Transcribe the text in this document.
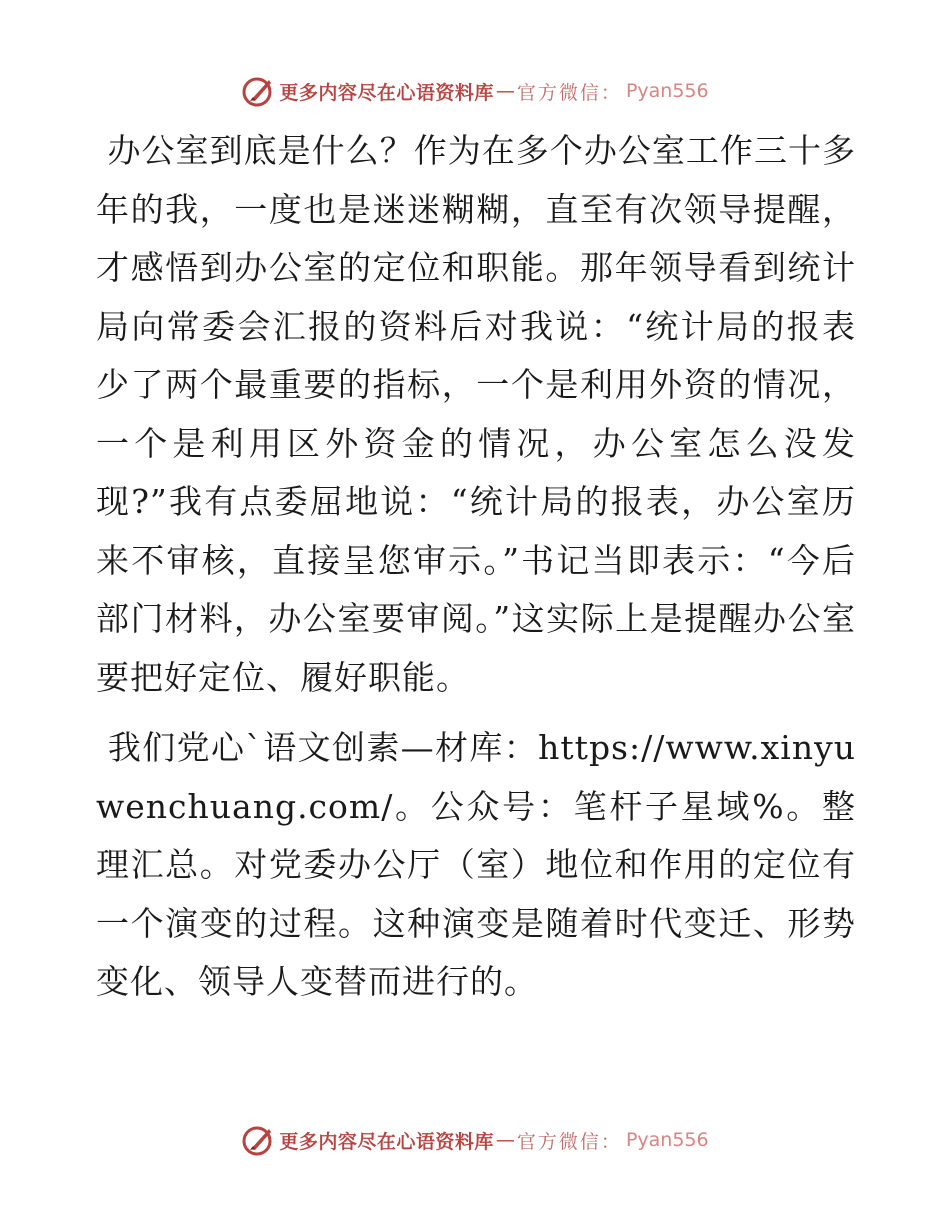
更多内容尽在心语资料库 — 官方微信： Pyan556

办公室到底是什么？作为在多个办公室工作三十多年的我，一度也是迷迷糊糊，直至有次领导提醒，才感悟到办公室的定位和职能。那年领导看到统计局向常委会汇报的资料后对我说：“统计局的报表少了两个最重要的指标，一个是利用外资的情况，一个是利用区外资金的情况，办公室怎么没发现?”我有点委屈地说：“统计局的报表，办公室历来不审核，直接呈您审示。”书记当即表示：“今后部门材料，办公室要审阅。”这实际上是提醒办公室要把好定位、履好职能。

我们党心`语文创素—材库：https://www.xinyuwenchuang.com/。公众号：笔杆子星域%。整理汇总。对党委办公厅（室）地位和作用的定位有一个演变的过程。这种演变是随着时代变迁、形势变化、领导人变替而进行的。

更多内容尽在心语资料库 — 官方微信： Pyan556
